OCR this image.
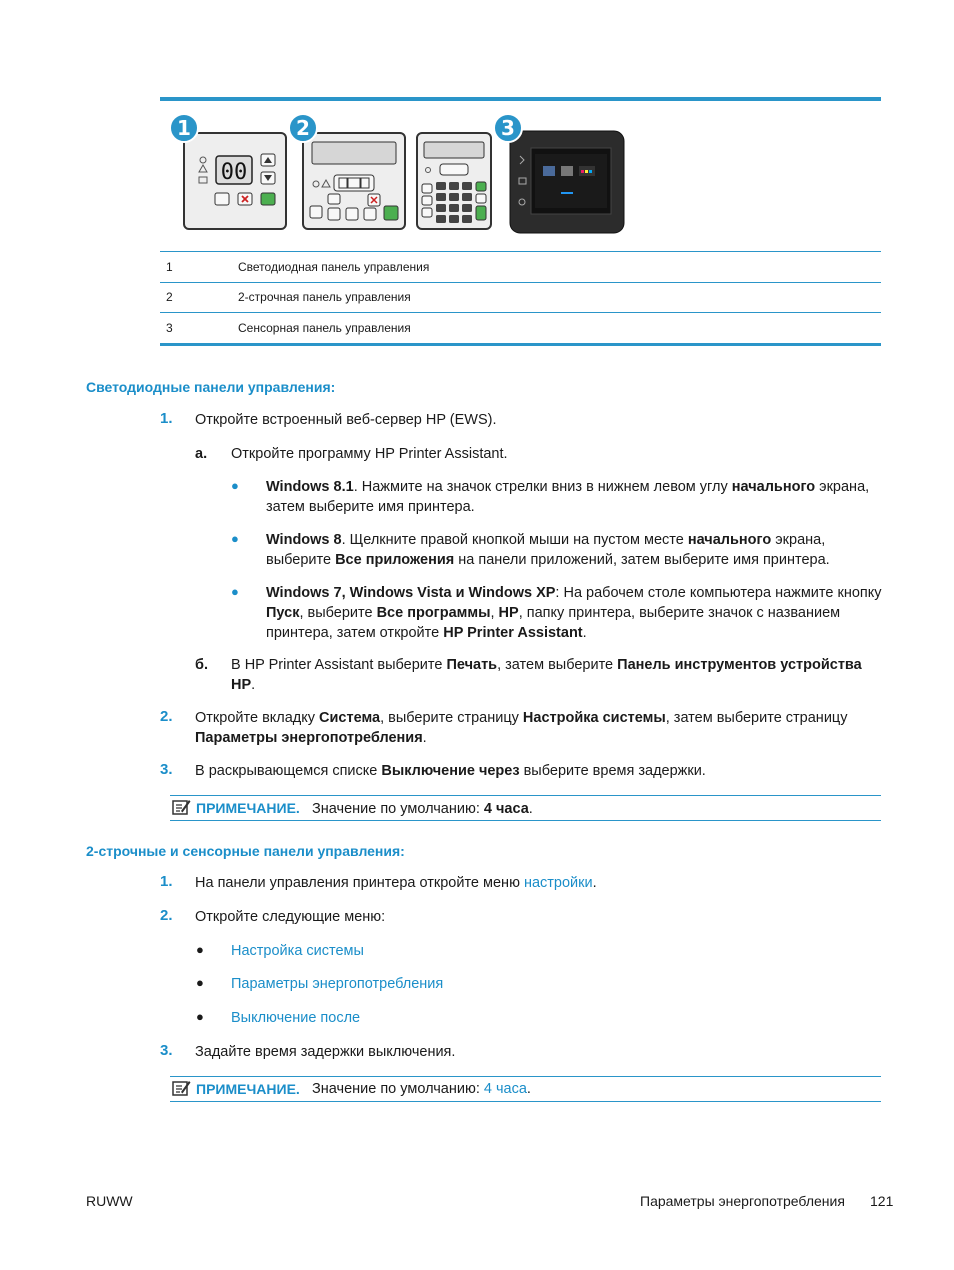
00
1	2	3
1	Светодиодная панель управления
2	2-строчная панель управления
3	Сенсорная панель управления
Светодиодные панели управления:
1. Откройте встроенный веб-сервер HP (EWS).
a. Откройте программу HP Printer Assistant.
● Windows 8.1. Нажмите на значок стрелки вниз в нижнем левом углу начального экрана,
затем выберите имя принтера.
● Windows 8. Щелкните правой кнопкой мыши на пустом месте начального экрана,
выберите Все приложения на панели приложений, затем выберите имя принтера.
● Windows 7, Windows Vista и Windows XP: На рабочем столе компьютера нажмите кнопку
Пуск, выберите Все программы, HP, папку принтера, выберите значок с названием
принтера, затем откройте HP Printer Assistant.
б. В HP Printer Assistant выберите Печать, затем выберите Панель инструментов устройства
HP.
2. Откройте вкладку Система, выберите страницу Настройка системы, затем выберите страницу
Параметры энергопотребления.
3. В раскрывающемся списке Выключение через выберите время задержки.
ПРИМЕЧАНИЕ. Значение по умолчанию: 4 часа.
2-строчные и сенсорные панели управления:
1. На панели управления принтера откройте меню настройки.
2. Откройте следующие меню:
● Настройка системы
● Параметры энергопотребления
● Выключение после
3. Задайте время задержки выключения.
ПРИМЕЧАНИЕ. Значение по умолчанию: 4 часа.
RUWW	Параметры энергопотребления 121
